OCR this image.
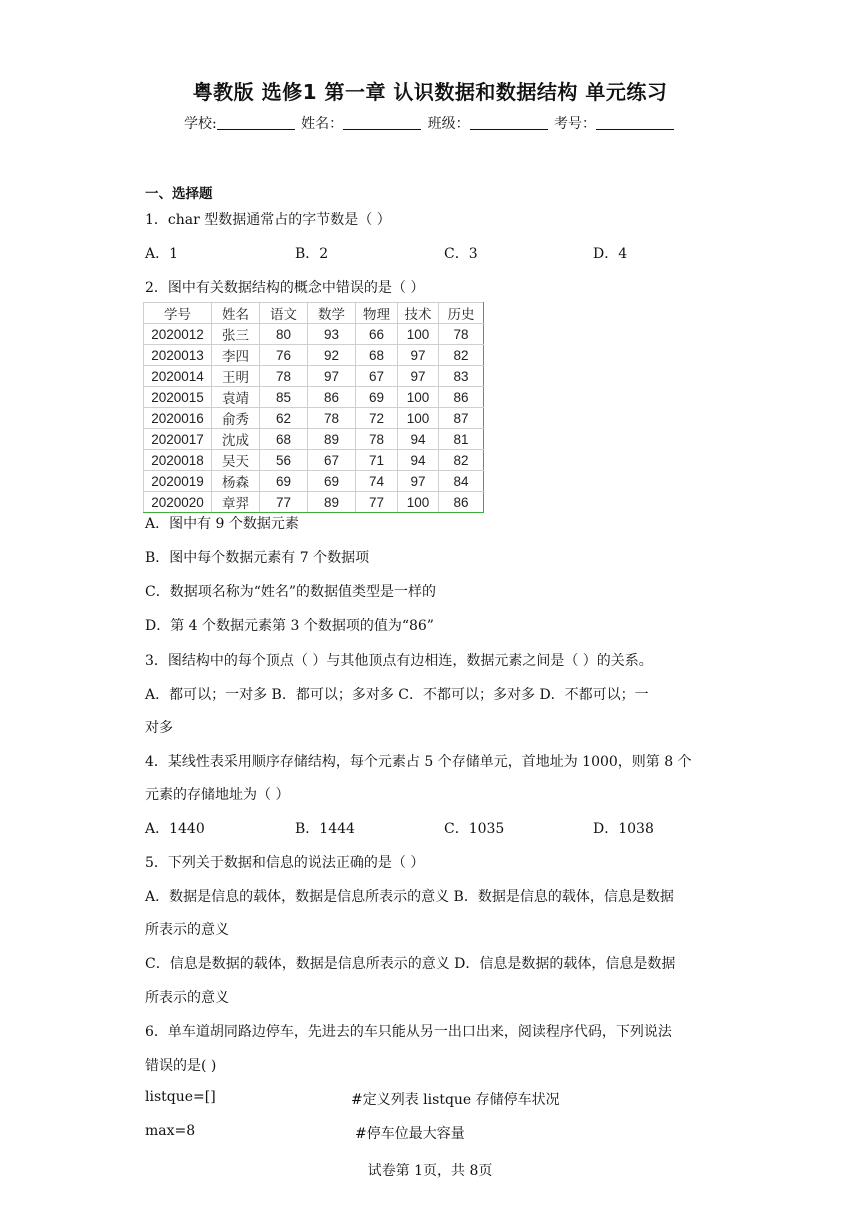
粤教版 选修1 第一章 认识数据和数据结构 单元练习
学校:	姓名：	班级：	考号：
一、选择题
1．char 型数据通常占的字节数是（ ）
A．1	B．2	C．3	D．4
2．图中有关数据结构的概念中错误的是（ ）
学号	姓名	语文	数学	物理	技术	历史
2020012	张三	80	93	66	100	78
2020013	李四	76	92	68	97	82
2020014	王明	78	97	67	97	83
2020015	袁靖	85	86	69	100	86
2020016	俞秀	62	78	72	100	87
2020017	沈成	68	89	78	94	81
2020018	吴天	56	67	71	94	82
2020019	杨森	69	69	74	97	84
2020020	章羿	77	89	77	100	86
A．图中有 9 个数据元素
B．图中每个数据元素有 7 个数据项
C．数据项名称为“姓名”的数据值类型是一样的
D．第 4 个数据元素第 3 个数据项的值为“86”
3．图结构中的每个顶点（ ）与其他顶点有边相连，数据元素之间是（ ）的关系。
A．都可以；一对多 B．都可以；多对多 C．不都可以；多对多 D．不都可以；一
对多
4．某线性表采用顺序存储结构，每个元素占 5 个存储单元，首地址为 1000，则第 8 个
元素的存储地址为（ ）
A．1440	B．1444	C．1035	D．1038
5．下列关于数据和信息的说法正确的是（ ）
A．数据是信息的载体，数据是信息所表示的意义 B．数据是信息的载体，信息是数据
所表示的意义
C．信息是数据的载体，数据是信息所表示的意义 D．信息是数据的载体，信息是数据
所表示的意义
6．单车道胡同路边停车，先进去的车只能从另一出口出来，阅读程序代码，下列说法
错误的是( )
listque=[]	#定义列表 listque 存储停车状况
max=8	#停车位最大容量
试卷第 1页，共 8页
